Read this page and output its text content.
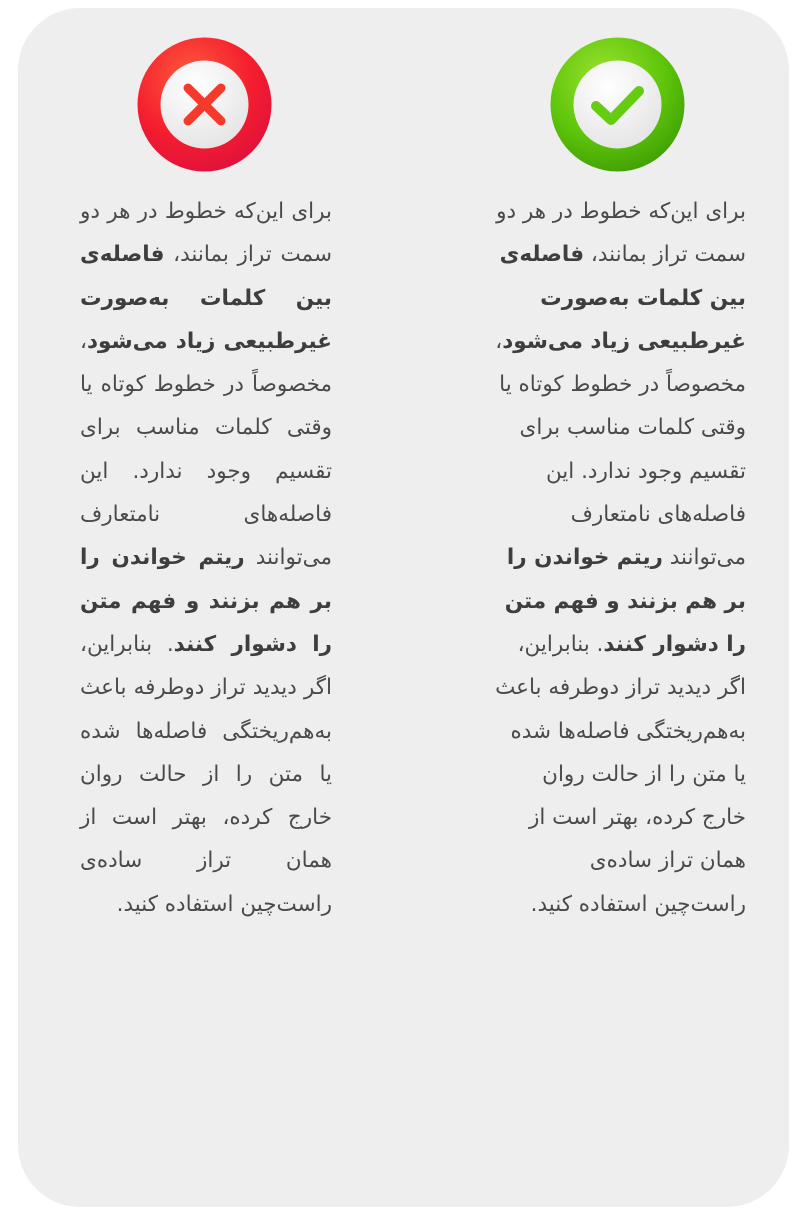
برای این‌که خطوط در هر دو سمت تراز بمانند، فاصله‌ی بین کلمات به‌صورت غیرطبیعی زیاد می‌شود، مخصوصاً در خطوط کوتاه یا وقتی کلمات مناسب برای تقسیم وجود ندارد. این فاصله‌های نامتعارف می‌توانند ریتم خواندن را بر هم بزنند و فهم متن را دشوار کنند. بنابراین، اگر دیدید تراز دوطرفه باعث به‌هم‌ریختگی فاصله‌ها شده یا متن را از حالت روان خارج کرده، بهتر است از همان تراز ساده‌ی راست‌چین استفاده کنید.

برای این‌که خطوط در هر دو سمت تراز بمانند، فاصله‌ی بین کلمات به‌صورت غیرطبیعی زیاد می‌شود، مخصوصاً در خطوط کوتاه یا وقتی کلمات مناسب برای تقسیم وجود ندارد. این فاصله‌های نامتعارف می‌توانند ریتم خواندن را بر هم بزنند و فهم متن را دشوار کنند. بنابراین، اگر دیدید تراز دوطرفه باعث به‌هم‌ریختگی فاصله‌ها شده یا متن را از حالت روان خارج کرده، بهتر است از همان تراز ساده‌ی راست‌چین استفاده کنید.
